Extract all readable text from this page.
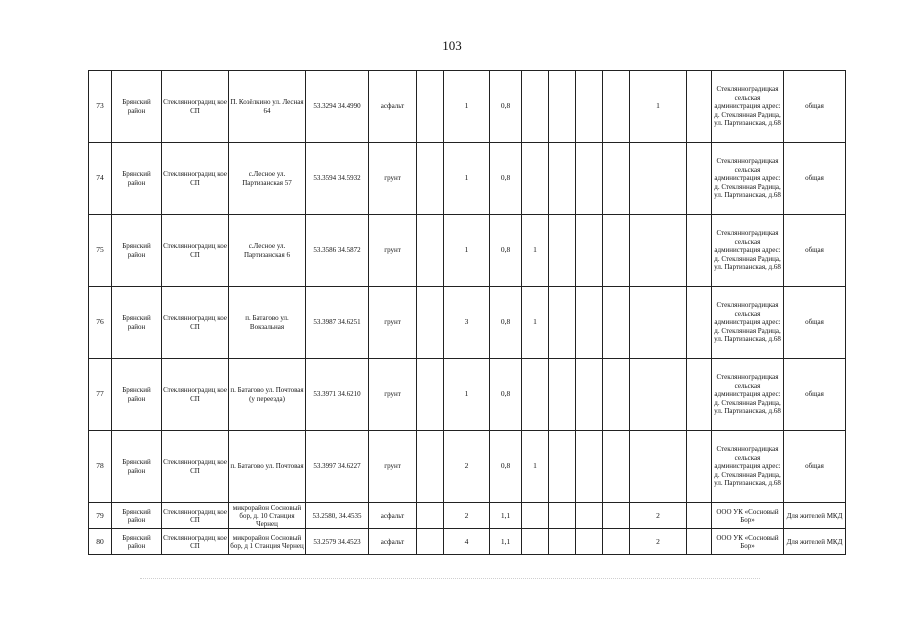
103
73	Брянский район	Стеклянноградиц кое СП	П. Козёлкино ул. Лесная 64	53.3294 34.4990	асфальт		1	0,8					1		Стеклянноградицкая сельская администрация адрес: д. Стеклянная Радица, ул. Партизанская, д.68	общая
74	Брянский район	Стеклянноградиц кое СП	с.Лесное ул. Партизанская 57	53.3594 34.5932	грунт		1	0,8							Стеклянноградицкая сельская администрация адрес: д. Стеклянная Радица, ул. Партизанская, д.68	общая
75	Брянский район	Стеклянноградиц кое СП	с.Лесное ул. Партизанская 6	53.3586 34.5872	грунт		1	0,8	1						Стеклянноградицкая сельская администрация адрес: д. Стеклянная Радица, ул. Партизанская, д.68	общая
76	Брянский район	Стеклянноградиц кое СП	п. Батагово ул. Вокзальная	53.3987 34.6251	грунт		3	0,8	1						Стеклянноградицкая сельская администрация адрес: д. Стеклянная Радица, ул. Партизанская, д.68	общая
77	Брянский район	Стеклянноградиц кое СП	п. Батагово ул. Почтовая (у переезда)	53.3971 34.6210	грунт		1	0,8							Стеклянноградицкая сельская администрация адрес: д. Стеклянная Радица, ул. Партизанская, д.68	общая
78	Брянский район	Стеклянноградиц кое СП	п. Батагово ул. Почтовая	53.3997 34.6227	грунт		2	0,8	1						Стеклянноградицкая сельская администрация адрес: д. Стеклянная Радица, ул. Партизанская, д.68	общая
79	Брянский район	Стеклянноградиц кое СП	микрорайон Сосновый бор, д. 10 Станция Чернец	53.2580, 34.4535	асфальт		2	1,1					2		ООО УК «Сосновый Бор»	Для жителей МКД
80	Брянский район	Стеклянноградиц кое СП	микрорайон Сосновый бор, д 1 Станция Чернец	53.2579 34.4523	асфальт		4	1,1					2		ООО УК «Сосновый Бор»	Для жителей МКД
